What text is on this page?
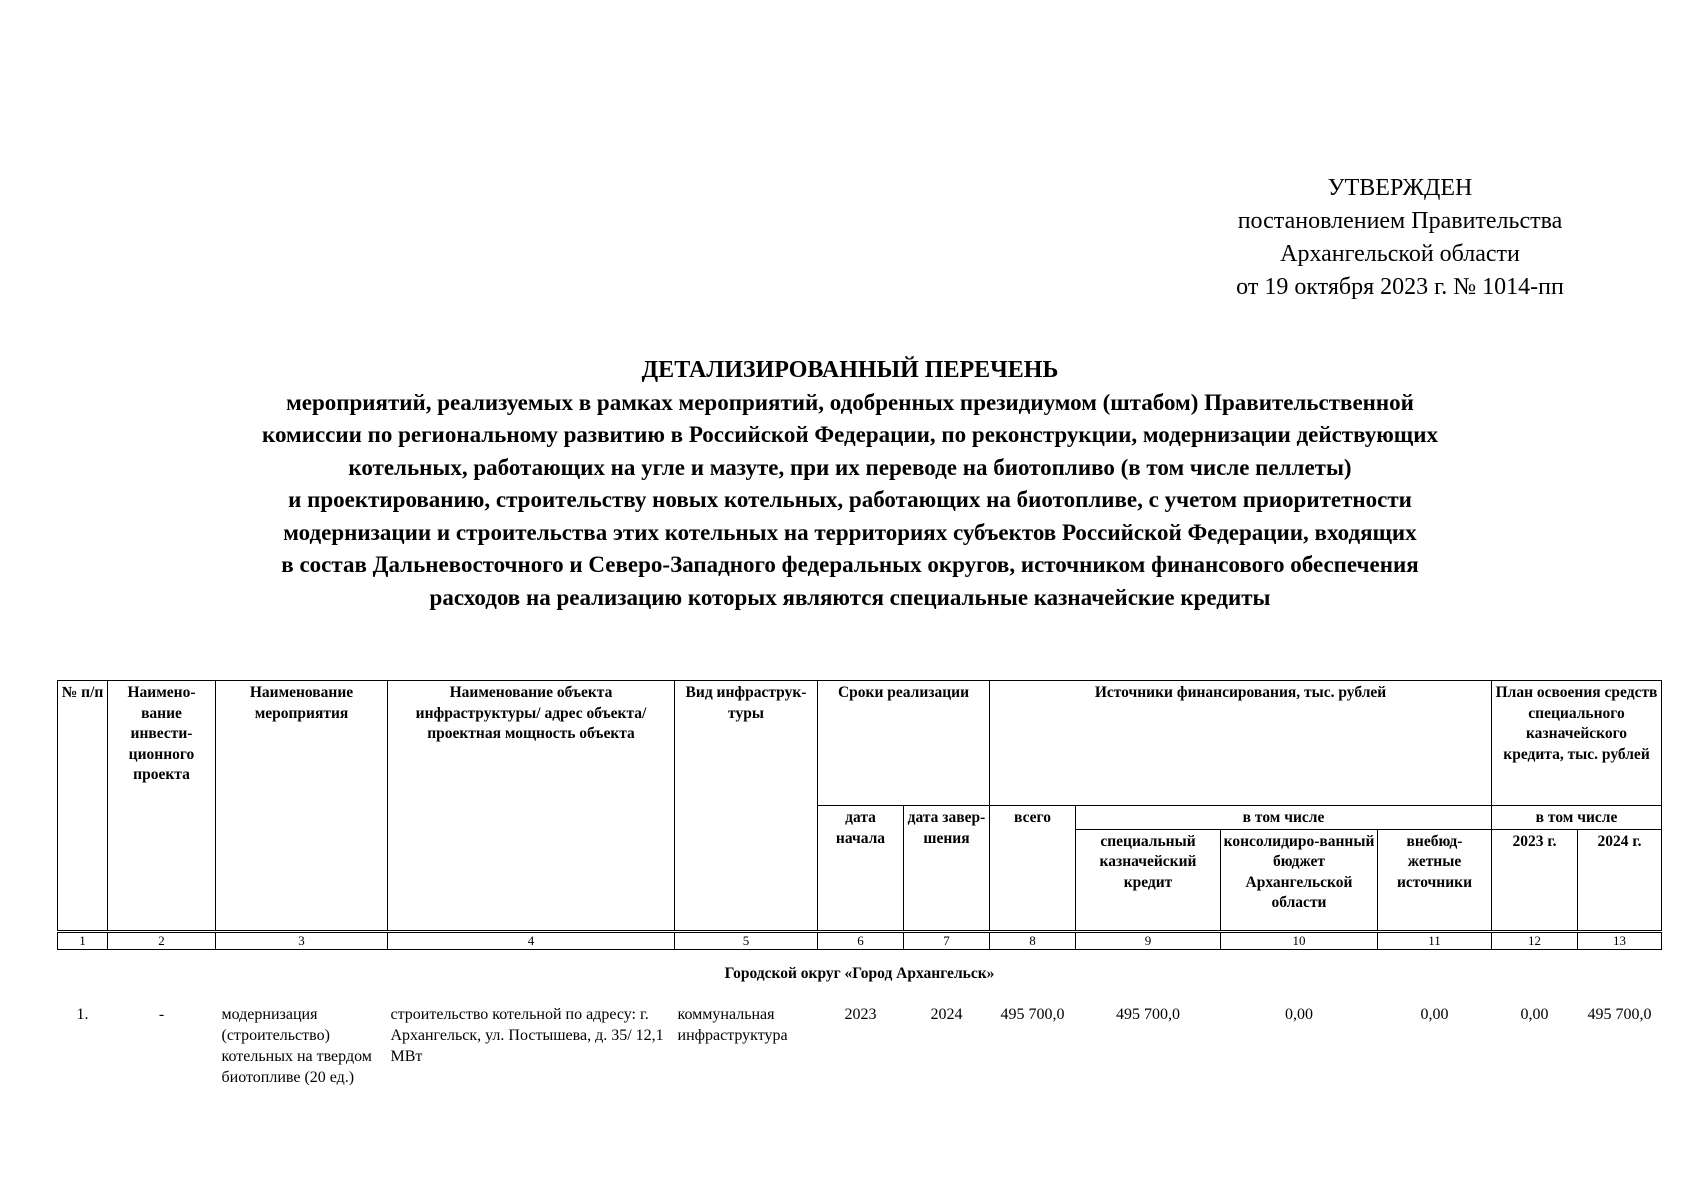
УТВЕРЖДЕН
постановлением Правительства
Архангельской области
от 19 октября 2023 г. № 1014-пп
ДЕТАЛИЗИРОВАННЫЙ ПЕРЕЧЕНЬ
мероприятий, реализуемых в рамках мероприятий, одобренных президиумом (штабом) Правительственной
комиссии по региональному развитию в Российской Федерации, по реконструкции, модернизации действующих
котельных, работающих на угле и мазуте, при их переводе на биотопливо (в том числе пеллеты)
и проектированию, строительству новых котельных, работающих на биотопливе, с учетом приоритетности
модернизации и строительства этих котельных на территориях субъектов Российской Федерации, входящих
в состав Дальневосточного и Северо-Западного федеральных округов, источником финансового обеспечения
расходов на реализацию которых являются специальные казначейские кредиты
№ п/п	Наимено-вание инвести-ционного проекта	Наименование мероприятия	Наименование объекта инфраструктуры/ адрес объекта/ проектная мощность объекта	Вид инфраструк-туры	Сроки реализации		Источники финансирования, тыс. рублей				План освоения средств специального казначейского кредита, тыс. рублей	
					дата начала	дата завер-шения	всего	в том числе			в том числе	
								специальный казначейский кредит	консолидиро-ванный бюджет Архангельской области	внебюд-жетные источники	2023 г.	2024 г.
1	2	3	4	5	6	7	8	9	10	11	12	13
Городской округ «Город Архангельск»												
1.	-	модернизация (строительство) котельных на твердом биотопливе (20 ед.)	строительство котельной по адресу: г. Архангельск, ул. Постышева, д. 35/ 12,1 МВт	коммунальная инфраструктура	2023	2024	495 700,0	495 700,0	0,00	0,00	0,00	495 700,0
